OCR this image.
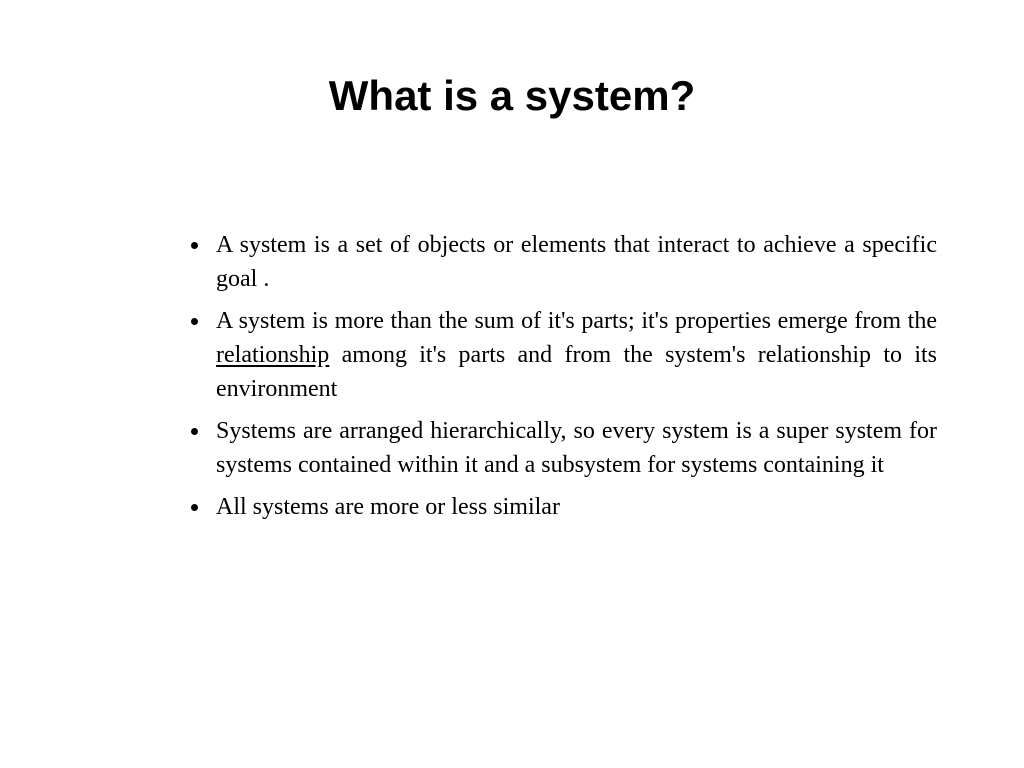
What is a system?
A system is a set of objects or elements that interact to achieve a specific goal .
A system is more than the sum of it's parts; it's properties emerge from the relationship among it's parts and from the system's relationship to its environment
Systems are arranged hierarchically, so every system is a super system for systems contained within it and a subsystem for systems containing it
All systems are more or less similar
